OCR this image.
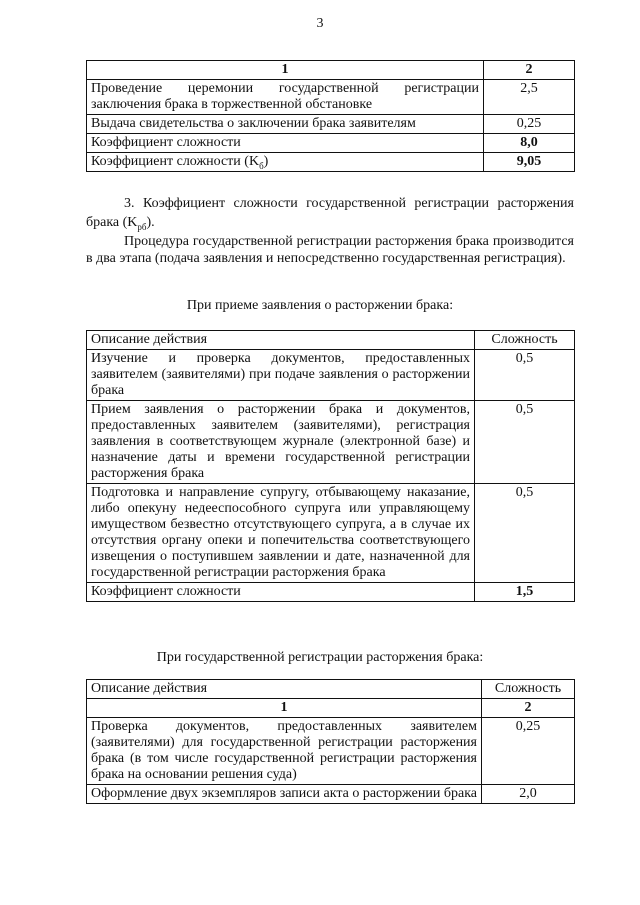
3
1	2
Проведение церемонии государственной регистрации заключения брака в торжественной обстановке	2,5
Выдача свидетельства о заключении брака заявителям	0,25
Коэффициент сложности	8,0
Коэффициент сложности $(K_б)$	9,05
3. Коэффициент сложности государственной регистрации расторжения брака $(K_{рб})$.
Процедура государственной регистрации расторжения брака производится в два этапа (подача заявления и непосредственно государственная регистрация).
При приеме заявления о расторжении брака:
Описание действия	Сложность
Изучение и проверка документов, предоставленных заявителем (заявителями) при подаче заявления о расторжении брака	0,5
Прием заявления о расторжении брака и документов, предоставленных заявителем (заявителями), регистрация заявления в соответствующем журнале (электронной базе) и назначение даты и времени государственной регистрации расторжения брака	0,5
Подготовка и направление супругу, отбывающему наказание, либо опекуну недееспособного супруга или управляющему имуществом безвестно отсутствующего супруга, а в случае их отсутствия органу опеки и попечительства соответствующего извещения о поступившем заявлении и дате, назначенной для государственной регистрации расторжения брака	0,5
Коэффициент сложности	1,5
При государственной регистрации расторжения брака:
Описание действия	Сложность
1	2
Проверка документов, предоставленных заявителем (заявителями) для государственной регистрации расторжения брака (в том числе государственной регистрации расторжения брака на основании решения суда)	0,25
Оформление двух экземпляров записи акта о расторжении брака	2,0
